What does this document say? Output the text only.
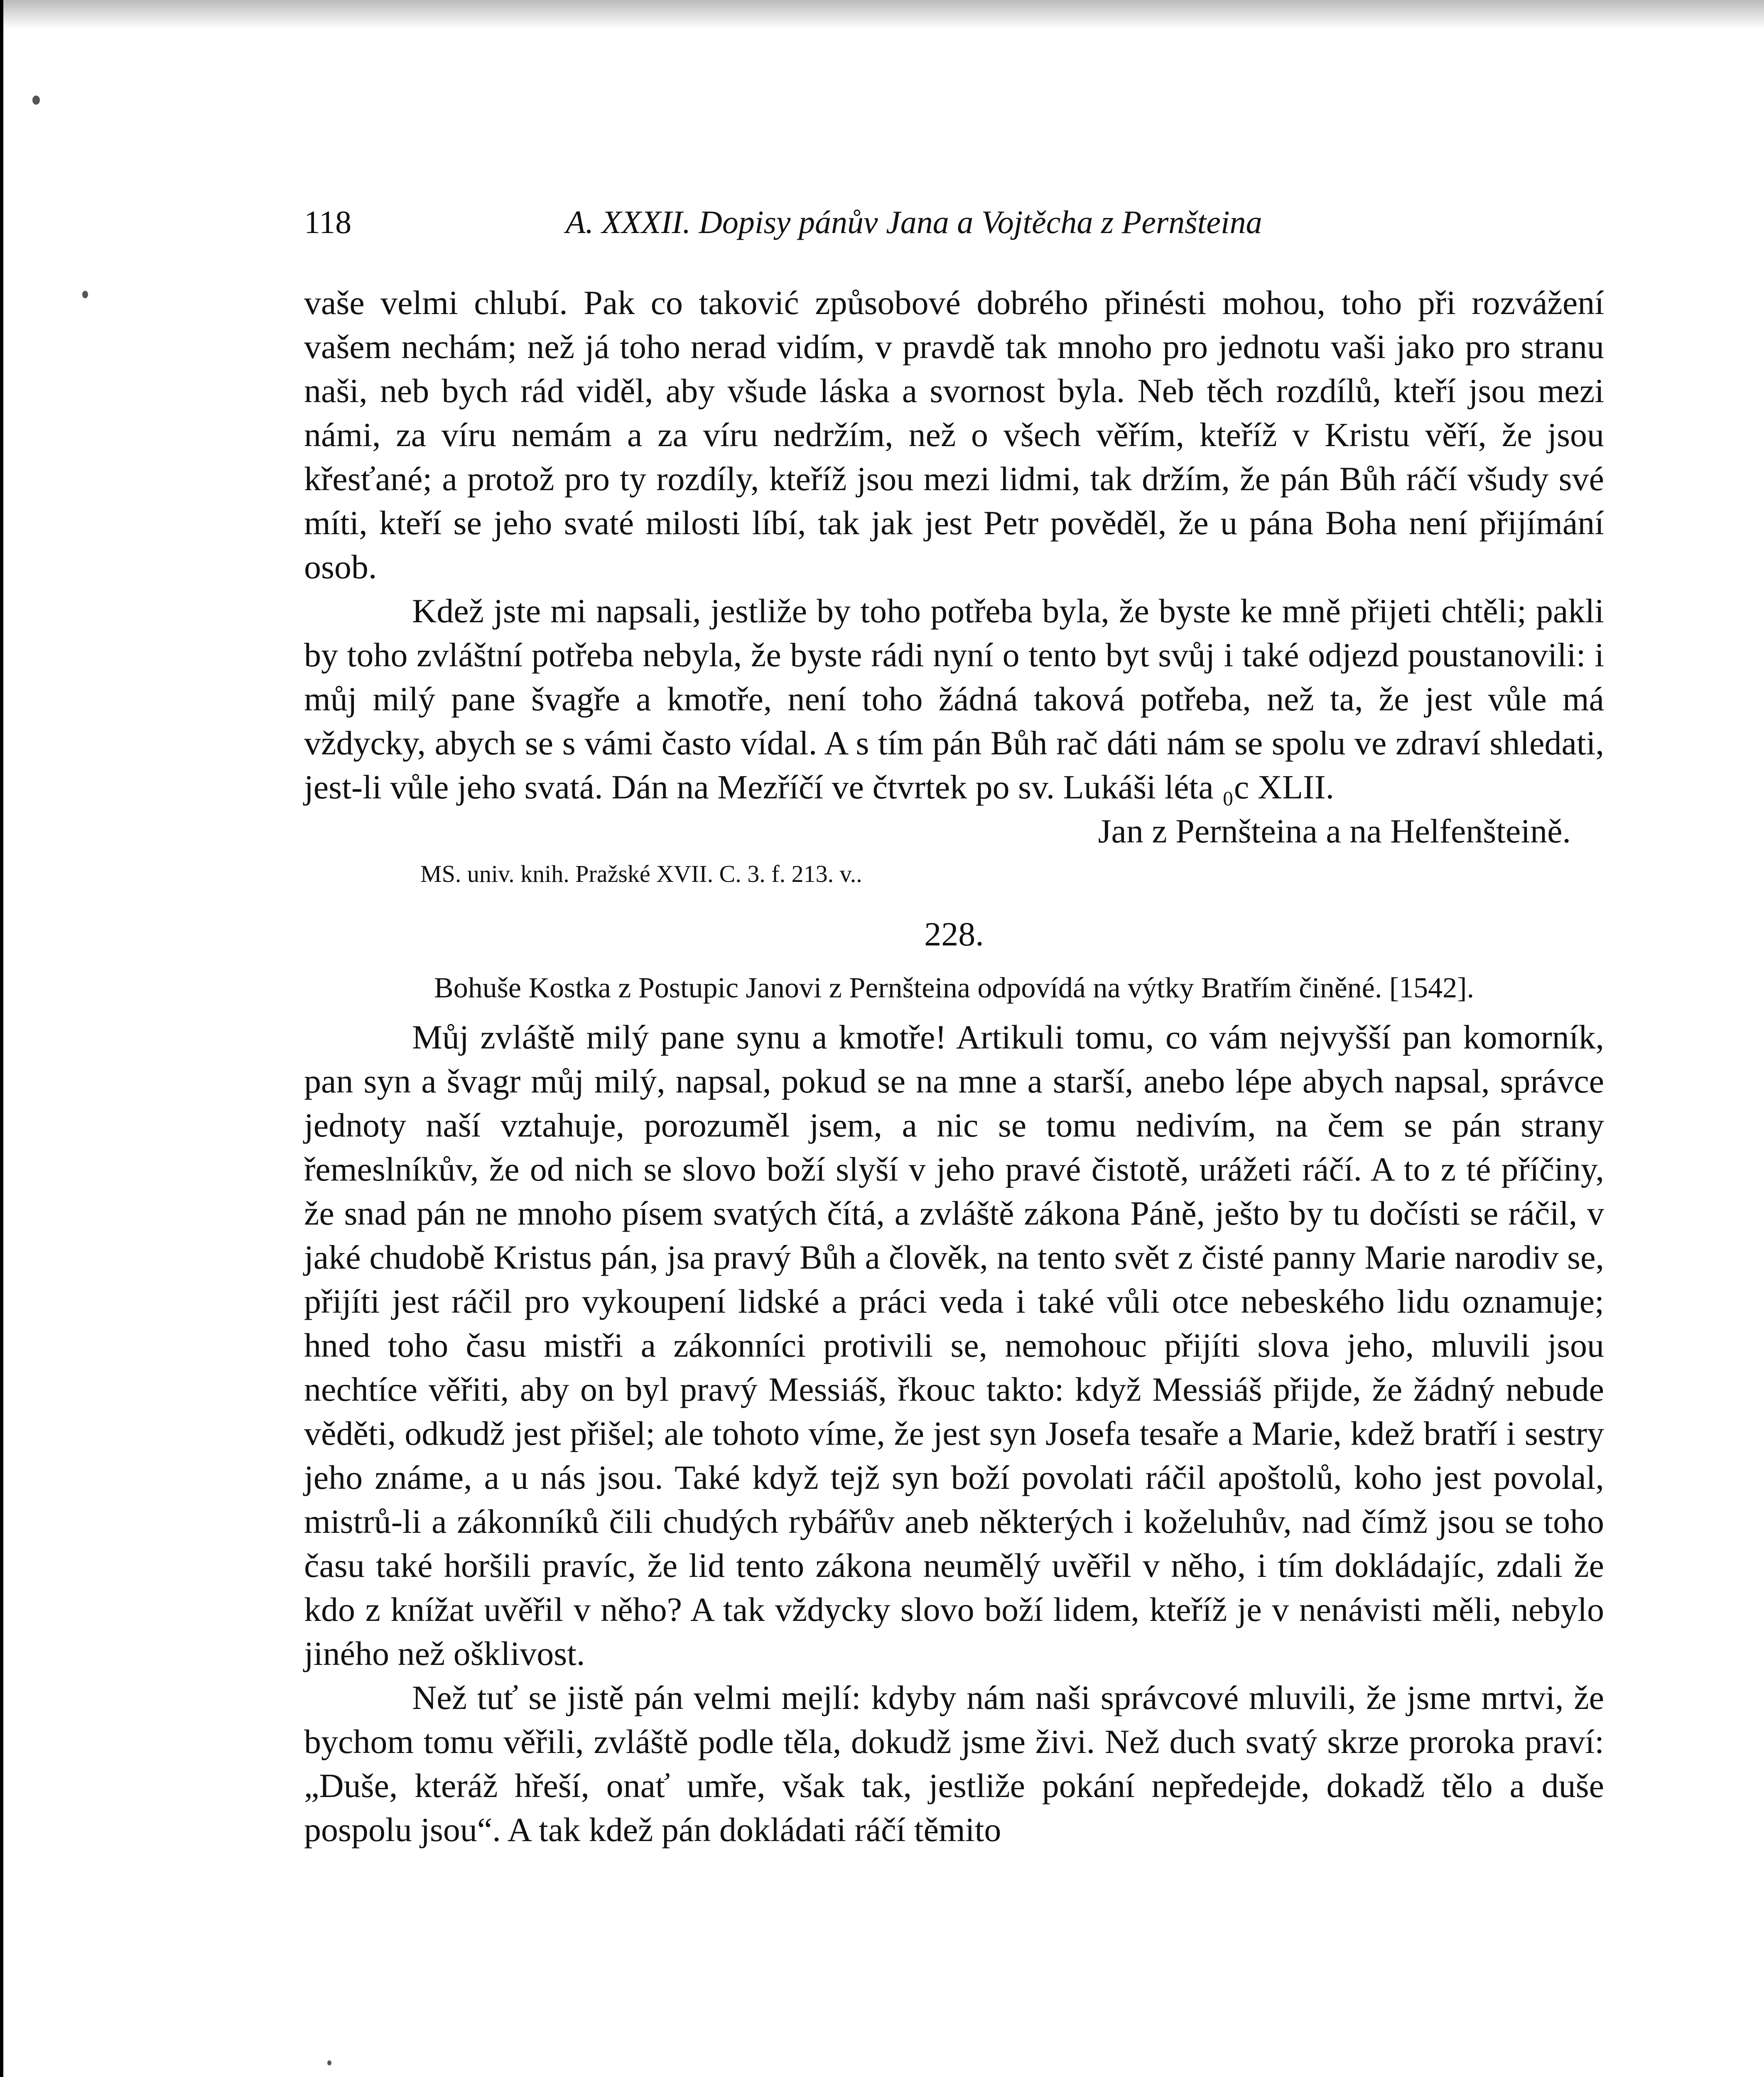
118	A. XXXII. Dopisy pánův Jana a Vojtěcha z Pernšteina

vaše velmi chlubí. Pak co taković způsobové dobrého přinésti mohou, toho při rozvážení vašem nechám; než já toho nerad vidím, v pravdě tak mnoho pro jednotu vaši jako pro stranu naši, neb bych rád viděl, aby všude láska a svornost byla. Neb těch rozdílů, kteří jsou mezi námi, za víru nemám a za víru nedržím, než o všech věřím, kteříž v Kristu věří, že jsou křesťané; a protož pro ty rozdíly, kteříž jsou mezi lidmi, tak držím, že pán Bůh ráčí všudy své míti, kteří se jeho svaté milosti líbí, tak jak jest Petr pověděl, že u pána Boha není přijímání osob.

Kdež jste mi napsali, jestliže by toho potřeba byla, že byste ke mně přijeti chtěli; pakli by toho zvláštní potřeba nebyla, že byste rádi nyní o tento byt svůj i také odjezd poustanovili: i můj milý pane švagře a kmotře, není toho žádná taková potřeba, než ta, že jest vůle má vždycky, abych se s vámi často vídal. A s tím pán Bůh rač dáti nám se spolu ve zdraví shledati, jest-li vůle jeho svatá. Dán na Mezříčí ve čtvrtek po sv. Lukáši léta ₀c XLII.

Jan z Pernšteina a na Helfenšteině.

MS. univ. knih. Pražské XVII. C. 3. f. 213. v..

228.

Bohuše Kostka z Postupic Janovi z Pernšteina odpovídá na výtky Bratřím činěné. [1542].

Můj zvláště milý pane synu a kmotře! Artikuli tomu, co vám nejvyšší pan komorník, pan syn a švagr můj milý, napsal, pokud se na mne a starší, anebo lépe abych napsal, správce jednoty naší vztahuje, porozuměl jsem, a nic se tomu nedivím, na čem se pán strany řemeslníkův, že od nich se slovo boží slyší v jeho pravé čistotě, urážeti ráčí. A to z té příčiny, že snad pán ne mnoho písem svatých čítá, a zvláště zákona Páně, ješto by tu dočísti se ráčil, v jaké chudobě Kristus pán, jsa pravý Bůh a člověk, na tento svět z čisté panny Marie narodiv se, přijíti jest ráčil pro vykoupení lidské a práci veda i také vůli otce nebeského lidu oznamuje; hned toho času mistři a zákonníci protivili se, nemohouc přijíti slova jeho, mluvili jsou nechtíce věřiti, aby on byl pravý Messiáš, řkouc takto: když Messiáš přijde, že žádný nebude věděti, odkudž jest přišel; ale tohoto víme, že jest syn Josefa tesaře a Marie, kdež bratří i sestry jeho známe, a u nás jsou. Také když tejž syn boží povolati ráčil apoštolů, koho jest povolal, mistrů-li a zákonníků čili chudých rybářův aneb některých i koželuhův, nad čímž jsou se toho času také horšili pravíc, že lid tento zákona neumělý uvěřil v něho, i tím dokládajíc, zdali že kdo z knížat uvěřil v něho? A tak vždycky slovo boží lidem, kteříž je v nenávisti měli, nebylo jiného než ošklivost.

Než tuť se jistě pán velmi mejlí: kdyby nám naši správcové mluvili, že jsme mrtvi, že bychom tomu věřili, zvláště podle těla, dokudž jsme živi. Než duch svatý skrze proroka praví: „Duše, kteráž hřeší, onať umře, však tak, jestliže pokání nepředejde, dokadž tělo a duše pospolu jsou“. A tak kdež pán dokládati ráčí těmito
